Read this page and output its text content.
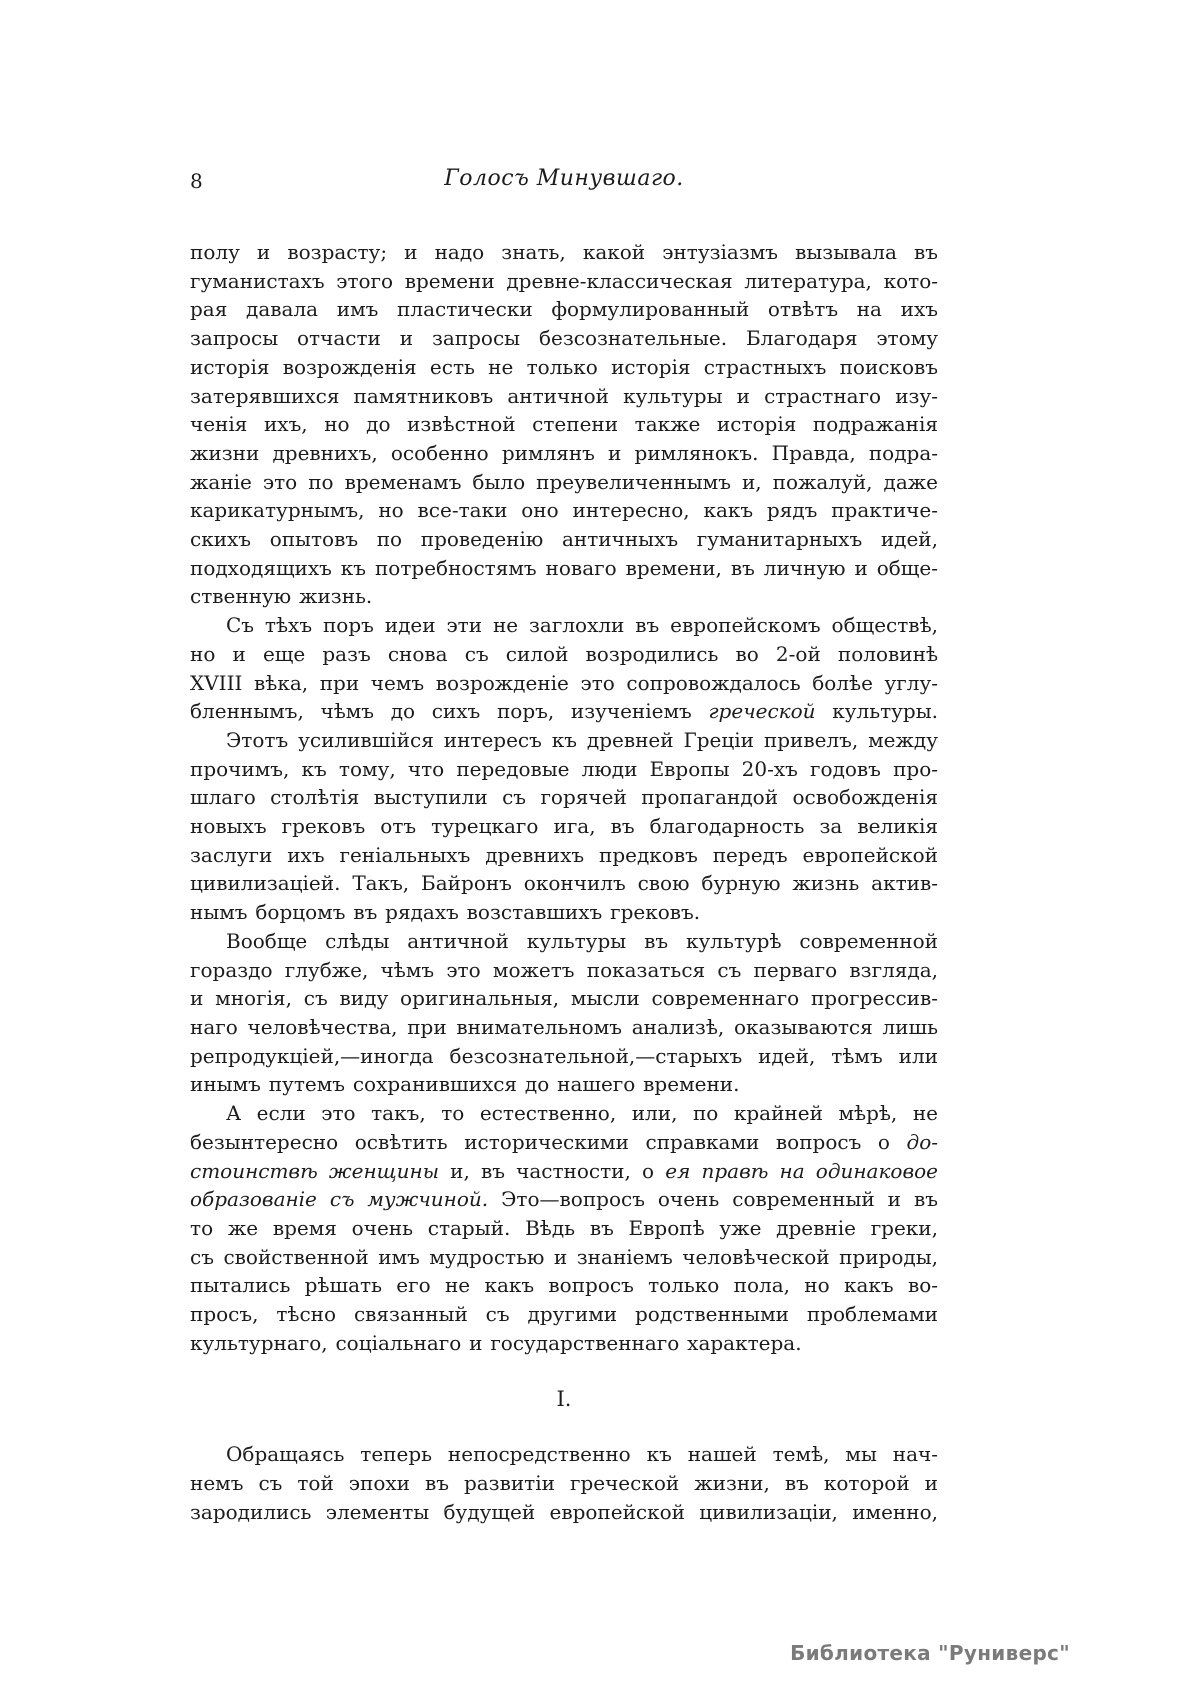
8	Голосъ Минувшаго.
полу и возрасту; и надо знать, какой энтузіазмъ вызывала въ
гуманистахъ этого времени древне-классическая литература, кото-
рая давала имъ пластически формулированный отвѣтъ на ихъ
запросы отчасти и запросы безсознательные. Благодаря этому
исторія возрожденія есть не только исторія страстныхъ поисковъ
затерявшихся памятниковъ античной культуры и страстнаго изу-
ченія ихъ, но до извѣстной степени также исторія подражанія
жизни древнихъ, особенно римлянъ и римлянокъ. Правда, подра-
жаніе это по временамъ было преувеличеннымъ и, пожалуй, даже
карикатурнымъ, но все-таки оно интересно, какъ рядъ практиче-
скихъ опытовъ по проведенію античныхъ гуманитарныхъ идей,
подходящихъ къ потребностямъ новаго времени, въ личную и обще-
ственную жизнь.
Съ тѣхъ поръ идеи эти не заглохли въ европейскомъ обществѣ,
но и еще разъ снова съ силой возродились во 2-ой половинѣ
XVIII вѣка, при чемъ возрожденіе это сопровождалось болѣе углу-
бленнымъ, чѣмъ до сихъ поръ, изученіемъ греческой культуры.
Этотъ усилившійся интересъ къ древней Греціи привелъ, между
прочимъ, къ тому, что передовые люди Европы 20-хъ годовъ про-
шлаго столѣтія выступили съ горячей пропагандой освобожденія
новыхъ грековъ отъ турецкаго ига, въ благодарность за великія
заслуги ихъ геніальныхъ древнихъ предковъ передъ европейской
цивилизаціей. Такъ, Байронъ окончилъ свою бурную жизнь актив-
нымъ борцомъ въ рядахъ возставшихъ грековъ.
Вообще слѣды античной культуры въ культурѣ современной
гораздо глубже, чѣмъ это можетъ показаться съ перваго взгляда,
и многія, съ виду оригинальныя, мысли современнаго прогрессив-
наго человѣчества, при внимательномъ анализѣ, оказываются лишь
репродукціей,—иногда безсознательной,—старыхъ идей, тѣмъ или
инымъ путемъ сохранившихся до нашего времени.
А если это такъ, то естественно, или, по крайней мѣрѣ, не
безынтересно освѣтить историческими справками вопросъ о до-
стоинствѣ женщины и, въ частности, о ея правѣ на одинаковое
образованіе съ мужчиной. Это—вопросъ очень современный и въ
то же время очень старый. Вѣдь въ Европѣ уже древніе греки,
съ свойственной имъ мудростью и знаніемъ человѣческой природы,
пытались рѣшать его не какъ вопросъ только пола, но какъ во-
просъ, тѣсно связанный съ другими родственными проблемами
культурнаго, соціальнаго и государственнаго характера.
I.
Обращаясь теперь непосредственно къ нашей темѣ, мы нач-
немъ съ той эпохи въ развитіи греческой жизни, въ которой и
зародились элементы будущей европейской цивилизаціи, именно,
Библиотека "Руниверс"
